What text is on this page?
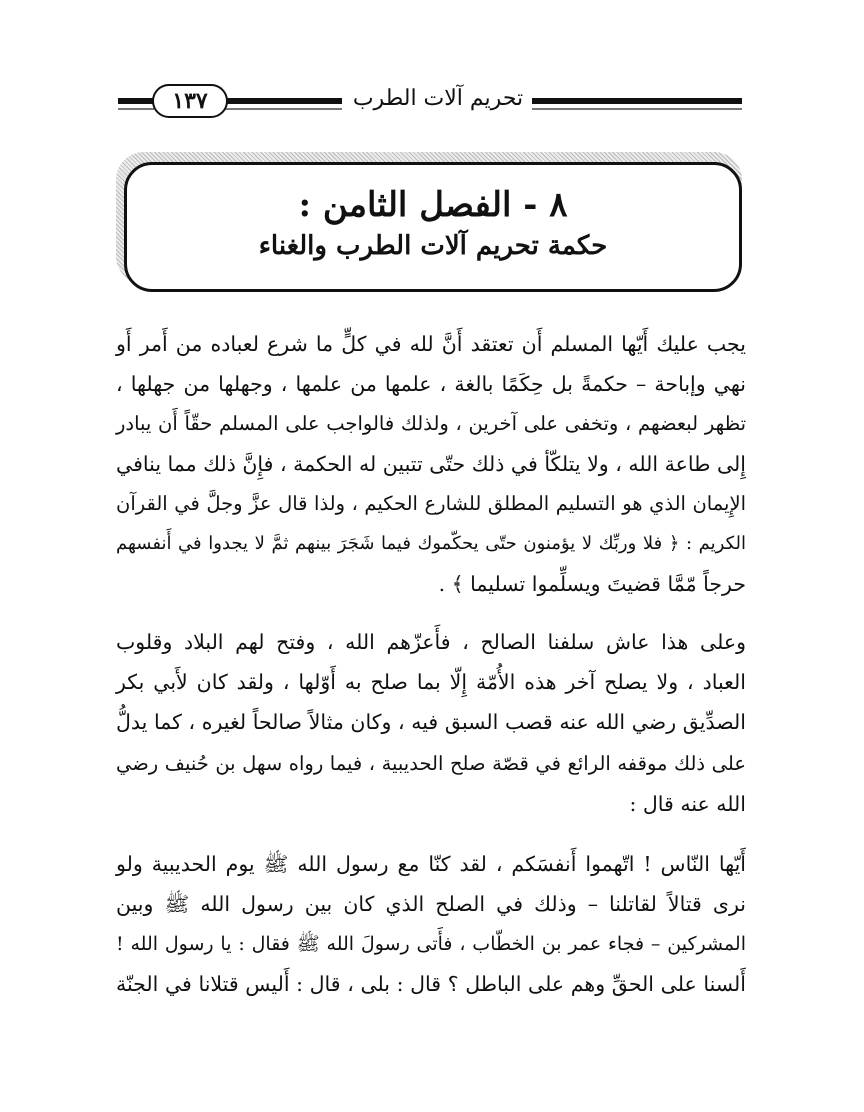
تحريم آلات الطرب
١٣٧
٨ - الفصل الثامن :
حكمة تحريم آلات الطرب والغناء
يجب عليك أَيّها المسلم أَن تعتقد أَنَّ لله في كلٍّ ما شرع لعباده من أَمر أَو
نهي وإباحة – حكمةً بل حِكَمًا بالغة ، علمها من علمها ، وجهلها من جهلها ،
تظهر لبعضهم ، وتخفى على آخرين ، ولذلك فالواجب على المسلم حقّاً أَن يبادر
إِلى طاعة الله ، ولا يتلكّأ في ذلك حتّى تتبين له الحكمة ، فإِنَّ ذلك مما ينافي
الإِيمان الذي هو التسليم المطلق للشارع الحكيم ، ولذا قال عزَّ وجلَّ في القرآن
الكريم : ﴿ فلا وربِّك لا يؤمنون حتّى يحكّموك فيما شَجَرَ بينهم ثمَّ لا يجدوا في أَنفسهم
حرجاً مّمَّا قضيتَ ويسلِّموا تسليما ﴾ .
وعلى هذا عاش سلفنا الصالح ، فأَعزّهم الله ، وفتح لهم البلاد وقلوب
العباد ، ولا يصلح آخر هذه الأُمّة إِلّا بما صلح به أَوّلها ، ولقد كان لأَبي بكر
الصدِّيق رضي الله عنه قصب السبق فيه ، وكان مثالاً صالحاً لغيره ، كما يدلُّ
على ذلك موقفه الرائع في قصّة صلح الحديبية ، فيما رواه سهل بن حُنيف رضي
الله عنه قال :
أَيّها النّاس ! اتّهموا أَنفسَكم ، لقد كنّا مع رسول الله ﷺ يوم الحديبية ولو
نرى قتالاً لقاتلنا – وذلك في الصلح الذي كان بين رسول الله ﷺ وبين
المشركين – فجاء عمر بن الخطّاب ، فأَتى رسولَ الله ﷺ فقال : يا رسول الله !
أَلسنا على الحقِّ وهم على الباطل ؟ قال : بلى ، قال : أَليس قتلانا في الجنّة
